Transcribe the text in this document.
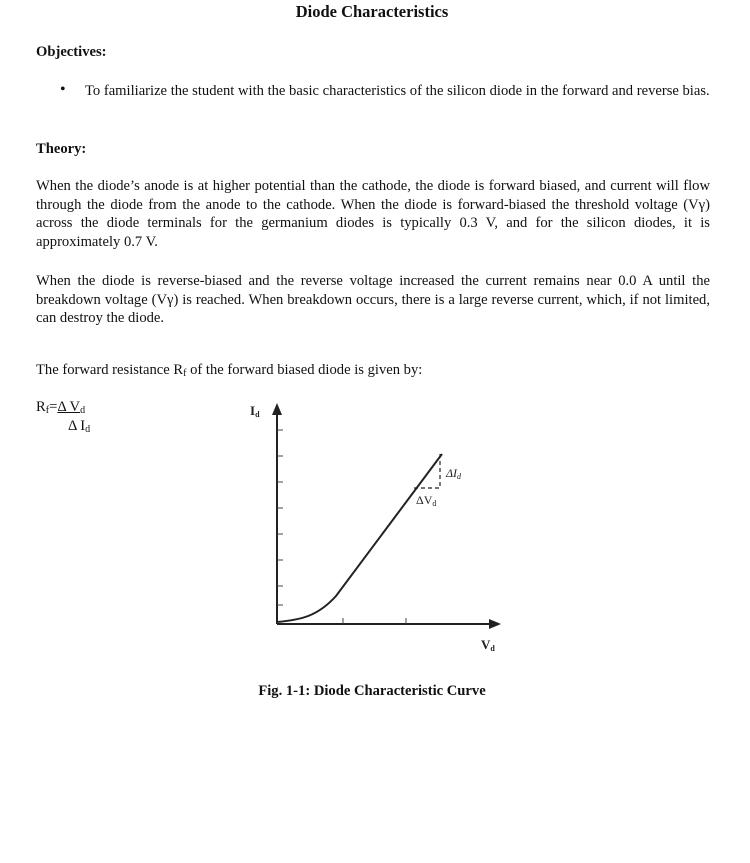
Diode Characteristics
Objectives:
• To familiarize the student with the basic characteristics of the silicon diode in the forward and reverse bias.
Theory:
When the diode’s anode is at higher potential than the cathode, the diode is forward biased, and current will flow through the diode from the anode to the cathode. When the diode is forward-biased the threshold voltage (Vγ) across the diode terminals for the germanium diodes is typically 0.3 V, and for the silicon diodes, it is approximately 0.7 V.
When the diode is reverse-biased and the reverse voltage increased the current remains near 0.0 A until the breakdown voltage (Vγ) is reached. When breakdown occurs, there is a large reverse current, which, if not limited, can destroy the diode.
The forward resistance $R_f$ of the forward biased diode is given by:
$R_f=\Delta$ $V_d$
Δ $I_d$
Id
ΔId
ΔVd
Vd
Fig. 1-1: Diode Characteristic Curve
